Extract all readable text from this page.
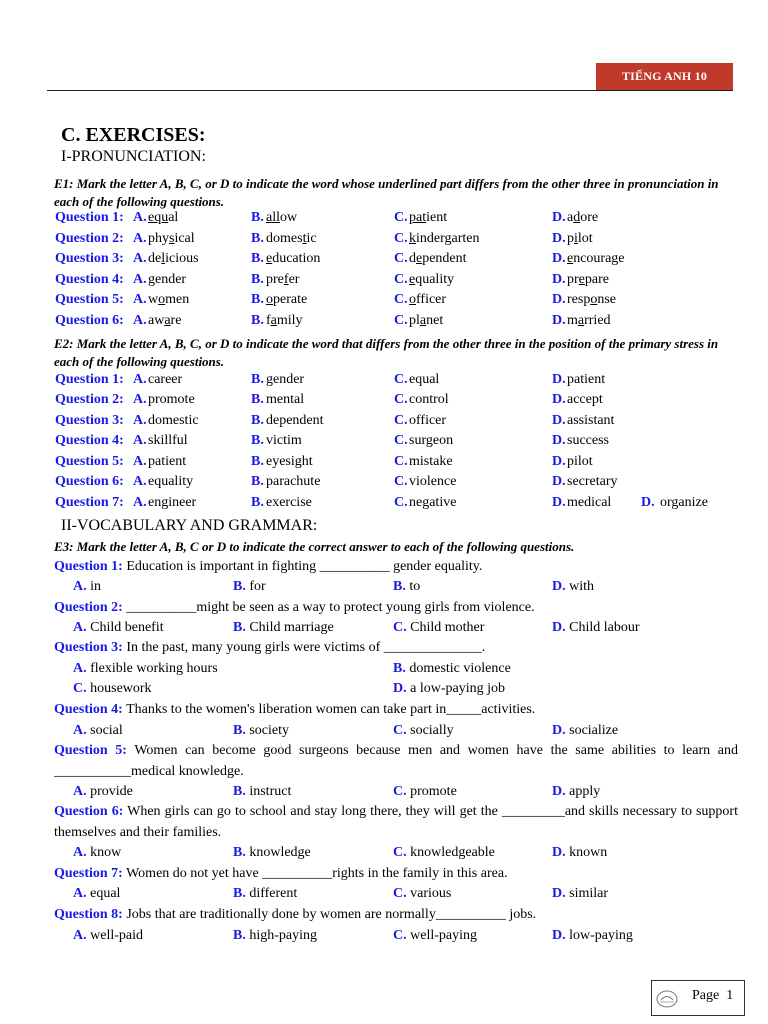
TIẾNG ANH 10
C. EXERCISES:
I-PRONUNCIATION:
E1: Mark the letter A, B, C, or D to indicate the word whose underlined part differs from the other three in pronunciation in each of the following questions.
Question 1: A. equal	B. allow	C. patient	D. adore
Question 2: A. physical	B. domestic	C. kindergarten	D. pilot
Question 3: A. delicious	B. education	C. dependent	D. encourage
Question 4: A. gender	B. prefer	C. equality	D. prepare
Question 5: A. women	B. operate	C. officer	D. response
Question 6: A. aware	B. family	C. planet	D. married
E2: Mark the letter A, B, C, or D to indicate the word that differs from the other three in the position of the primary stress in each of the following questions.
Question 1: A. career	B. gender	C. equal	D. patient
Question 2: A. promote	B. mental	C. control	D. accept
Question 3: A. domestic	B. dependent	C. officer	D. assistant
Question 4: A. skillful	B. victim	C. surgeon	D. success
Question 5: A. patient	B. eyesight	C. mistake	D. pilot
Question 6: A. equality	B. parachute	C. violence	D. secretary
Question 7: A. engineer	B. exercise	C. negative	D. medical D. organize
II-VOCABULARY AND GRAMMAR:
E3: Mark the letter A, B, C or D to indicate the correct answer to each of the following questions.
Question 1: Education is important in fighting __________ gender equality.
A. in	B. for	B. to	D. with
Question 2: __________might be seen as a way to protect young girls from violence.
A. Child benefit	B. Child marriage	C. Child mother	D. Child labour
Question 3: In the past, many young girls were victims of ______________.
A. flexible working hours	B. domestic violence
C. housework	D. a low-paying job
Question 4: Thanks to the women's liberation women can take part in_____activities.
A. social	B. society	C. socially	D. socialize
Question 5: Women can become good surgeons because men and women have the same abilities to learn and ___________medical knowledge.
A. provide	B. instruct	C. promote	D. apply
Question 6: When girls can go to school and stay long there, they will get the _________and skills necessary to support themselves and their families.
A. know	B. knowledge	C. knowledgeable	D. known
Question 7: Women do not yet have __________rights in the family in this area.
A. equal	B. different	C. various	D. similar
Question 8: Jobs that are traditionally done by women are normally__________ jobs.
A. well-paid	B. high-paying	C. well-paying	D. low-paying
Page 1
